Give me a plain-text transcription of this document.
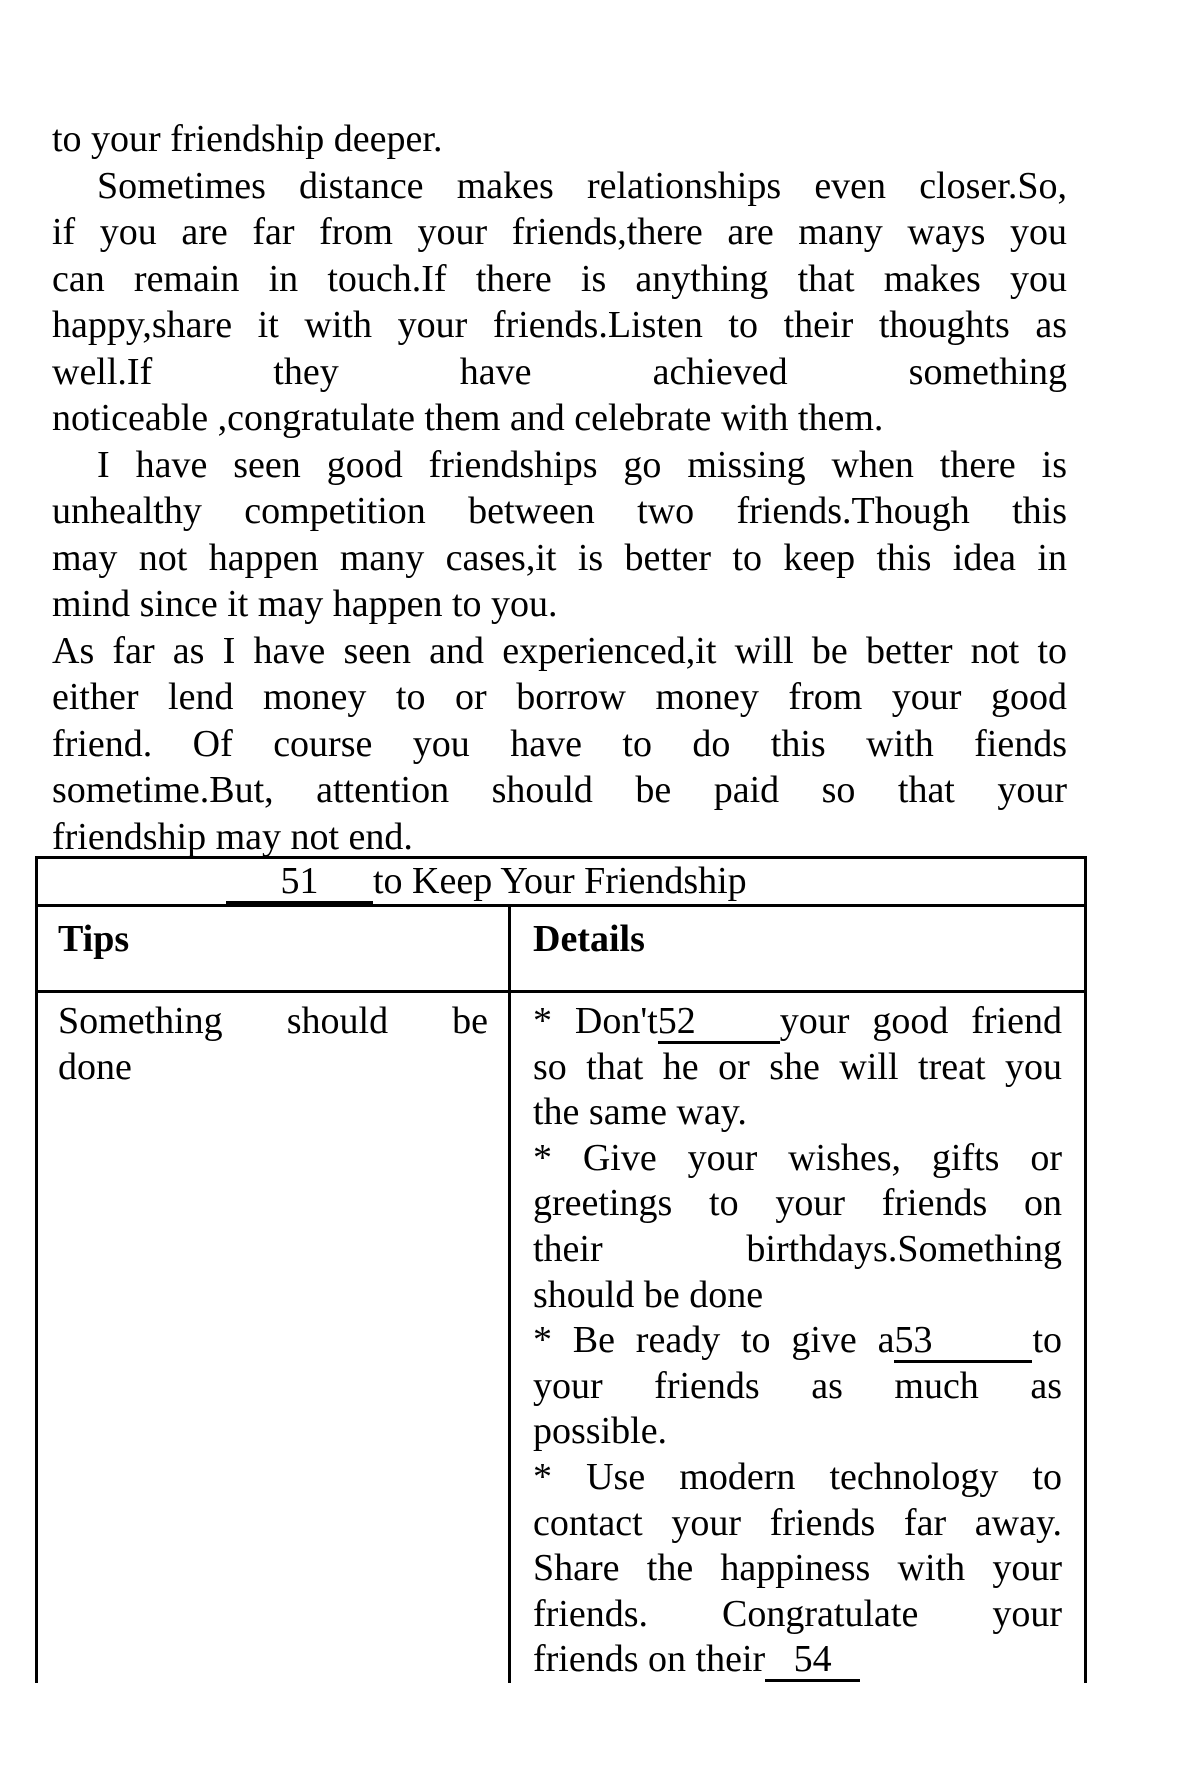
to your friendship deeper.
Sometimes distance makes relationships even closer.So,
if you are far from your friends,there are many ways you
can remain in touch.If there is anything that makes you
happy,share it with your friends.Listen to their thoughts as
well.If they have achieved something
noticeable ,congratulate them and celebrate with them.
I have seen good friendships go missing when there is
unhealthy competition between two friends.Though this
may not happen many cases,it is better to keep this idea in
mind since it may happen to you.
As far as I have seen and experienced,it will be better not to
either lend money to or borrow money from your good
friend. Of course you have to do this with fiends
sometime.But, attention should be paid so that your
friendship may not end.
51 to Keep Your Friendship
Tips	Details
Something should be
done
* Don't52 your good friend
so that he or she will treat you
the same way.
* Give your wishes, gifts or
greetings to your friends on
their birthdays.Something
should be done
* Be ready to give a53	to
your friends as much as
possible.
* Use modern technology to
contact your friends far away.
Share the happiness with your
friends. Congratulate your
friends on their 54
